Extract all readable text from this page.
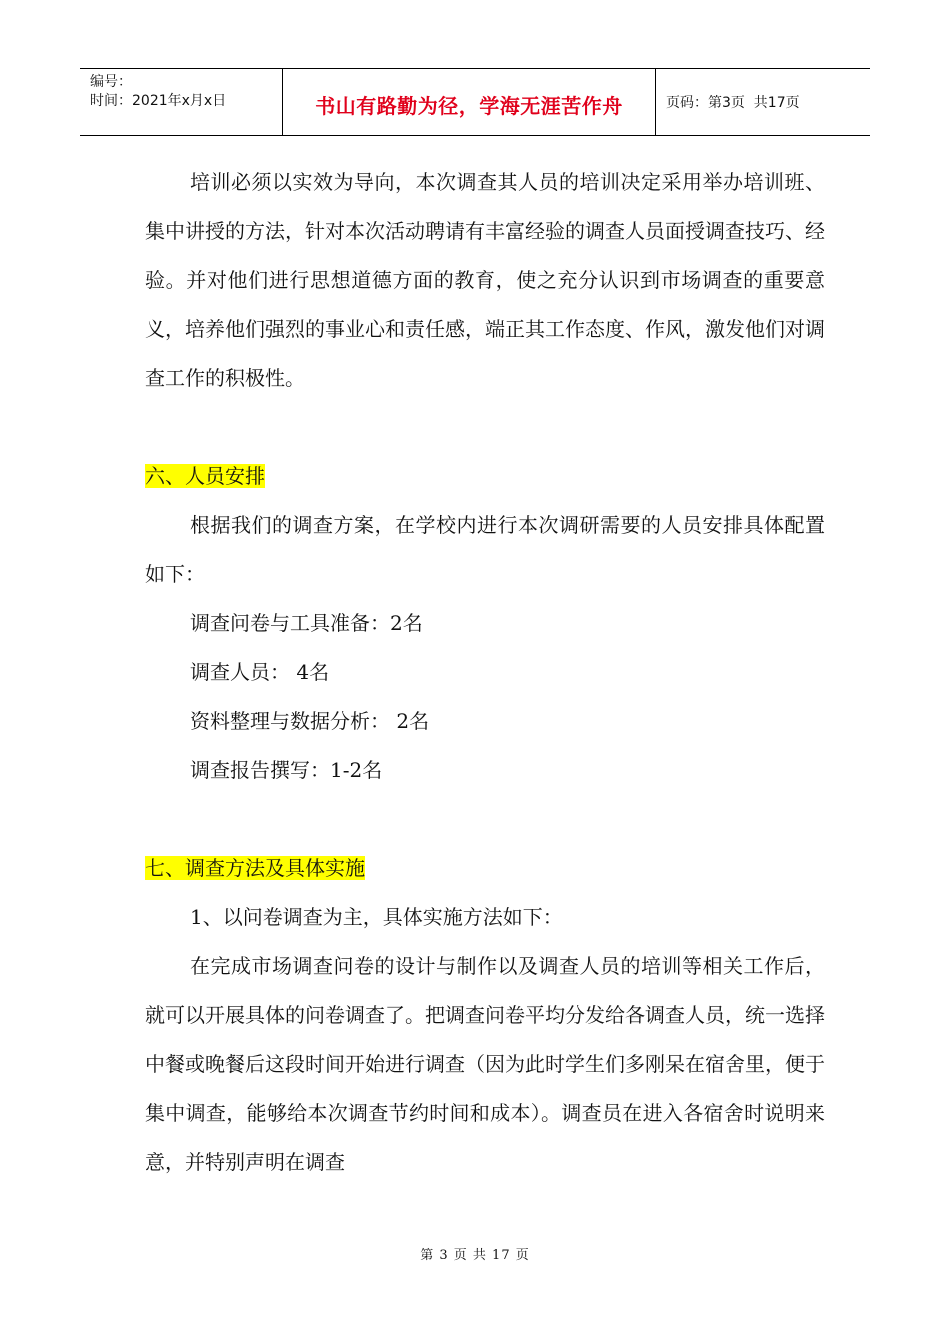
编号：
时间：2021年x月x日	书山有路勤为径，学海无涯苦作舟	页码：第3页  共17页

培训必须以实效为导向，本次调查其人员的培训决定采用举办培训班、集中讲授的方法，针对本次活动聘请有丰富经验的调查人员面授调查技巧、经验。并对他们进行思想道德方面的教育，使之充分认识到市场调查的重要意义，培养他们强烈的事业心和责任感，端正其工作态度、作风，激发他们对调查工作的积极性。

六、人员安排

根据我们的调查方案，在学校内进行本次调研需要的人员安排具体配置如下：

调查问卷与工具准备：2名

调查人员： 4名

资料整理与数据分析： 2名

调查报告撰写：1-2名

七、调查方法及具体实施

1、以问卷调查为主，具体实施方法如下：

在完成市场调查问卷的设计与制作以及调查人员的培训等相关工作后，就可以开展具体的问卷调查了。把调查问卷平均分发给各调查人员，统一选择中餐或晚餐后这段时间开始进行调查（因为此时学生们多刚呆在宿舍里，便于集中调查，能够给本次调查节约时间和成本）。调查员在进入各宿舍时说明来意，并特别声明在调查

第 3 页 共 17 页
